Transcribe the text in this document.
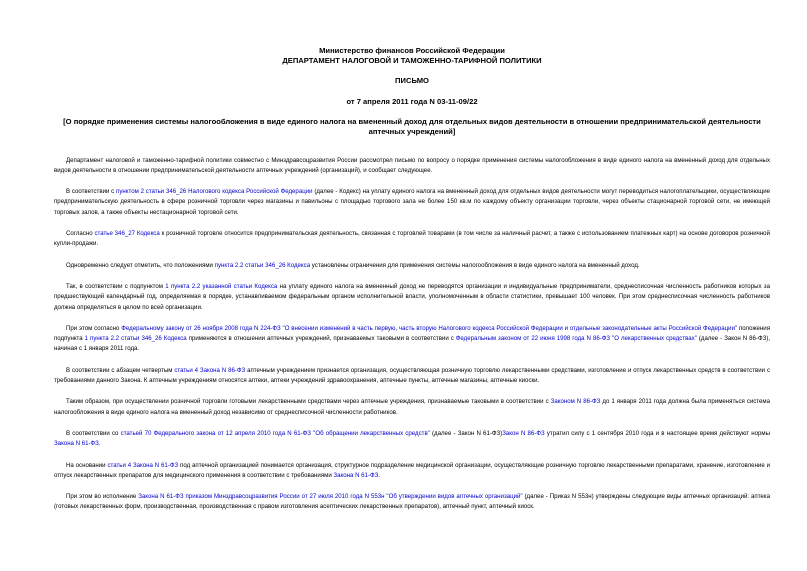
Министерство финансов Российской Федерации
ДЕПАРТАМЕНТ НАЛОГОВОЙ И ТАМОЖЕННО-ТАРИФНОЙ ПОЛИТИКИ
ПИСЬМО
от 7 апреля 2011 года N 03-11-09/22
[О порядке применения системы налогообложения в виде единого налога на вмененный доход для отдельных видов деятельности в отношении предпринимательской деятельности аптечных учреждений]

Департамент налоговой и таможенно-тарифной политики совместно с Минздравсоцразвития России рассмотрел письмо по вопросу о порядке применения системы налогообложения в виде единого налога на вмененный доход для отдельных видов деятельности в отношении предпринимательской деятельности аптечных учреждений (организаций), и сообщает следующее.

В соответствии с пунктом 2 статьи 346_26 Налогового кодекса Российской Федерации (далее - Кодекс) на уплату единого налога на вмененный доход для отдельных видов деятельности могут переводиться налогоплательщики, осуществляющие предпринимательскую деятельность в сфере розничной торговли через магазины и павильоны с площадью торгового зала не более 150 кв.м по каждому объекту организации торговли, через объекты стационарной торговой сети, не имеющей торговых залов, а также объекты нестационарной торговой сети.

Согласно статье 346_27 Кодекса к розничной торговле относится предпринимательская деятельность, связанная с торговлей товарами (в том числе за наличный расчет, а также с использованием платежных карт) на основе договоров розничной купли-продажи.

Одновременно следует отметить, что положениями пункта 2.2 статьи 346_26 Кодекса установлены ограничения для применения системы налогообложения в виде единого налога на вмененный доход.

Так, в соответствии с подпунктом 1 пункта 2.2 указанной статьи Кодекса на уплату единого налога на вмененный доход не переводятся организации и индивидуальные предприниматели, среднесписочная численность работников которых за предшествующий календарный год, определяемая в порядке, устанавливаемом федеральным органом исполнительной власти, уполномоченным в области статистики, превышает 100 человек. При этом среднесписочная численность работников должна определяться в целом по всей организации.

При этом согласно Федеральному закону от 26 ноября 2008 года N 224-ФЗ "О внесении изменений в часть первую, часть вторую Налогового кодекса Российской Федерации и отдельные законодательные акты Российской Федерации" положения подпункта 1 пункта 2.2 статьи 346_26 Кодекса применяются в отношении аптечных учреждений, признаваемых таковыми в соответствии с Федеральным законом от 22 июня 1998 года N 86-ФЗ "О лекарственных средствах" (далее - Закон N 86-ФЗ), начиная с 1 января 2011 года.

В соответствии с абзацем четвертым статьи 4 Закона N 86-ФЗ аптечным учреждением признается организация, осуществляющая розничную торговлю лекарственными средствами, изготовление и отпуск лекарственных средств в соответствии с требованиями данного Закона. К аптечным учреждениям относятся аптеки, аптеки учреждений здравоохранения, аптечные пункты, аптечные магазины, аптечные киоски.

Таким образом, при осуществлении розничной торговли готовыми лекарственными средствами через аптечные учреждения, признаваемые таковыми в соответствии с Законом N 86-ФЗ до 1 января 2011 года должна была применяться система налогообложения в виде единого налога на вмененный доход независимо от среднесписочной численности работников.

В соответствии со статьей 70 Федерального закона от 12 апреля 2010 года N 61-ФЗ "Об обращении лекарственных средств" (далее - Закон N 61-ФЗ)Закон N 86-ФЗ утратил силу с 1 сентября 2010 года и в настоящее время действуют нормы Закона N 61-ФЗ.

На основании статьи 4 Закона N 61-ФЗ под аптечной организацией понимается организация, структурное подразделение медицинской организации, осуществляющие розничную торговлю лекарственными препаратами, хранение, изготовление и отпуск лекарственных препаратов для медицинского применения в соответствии с требованиями Закона N 61-ФЗ.

При этом во исполнение Закона N 61-ФЗ приказом Минздравсоцразвития России от 27 июля 2010 года N 553н "Об утверждении видов аптечных организаций" (далее - Приказ N 553н) утверждены следующие виды аптечных организаций: аптека (готовых лекарственных форм, производственная, производственная с правом изготовления асептических лекарственных препаратов), аптечный пункт, аптечный киоск.
